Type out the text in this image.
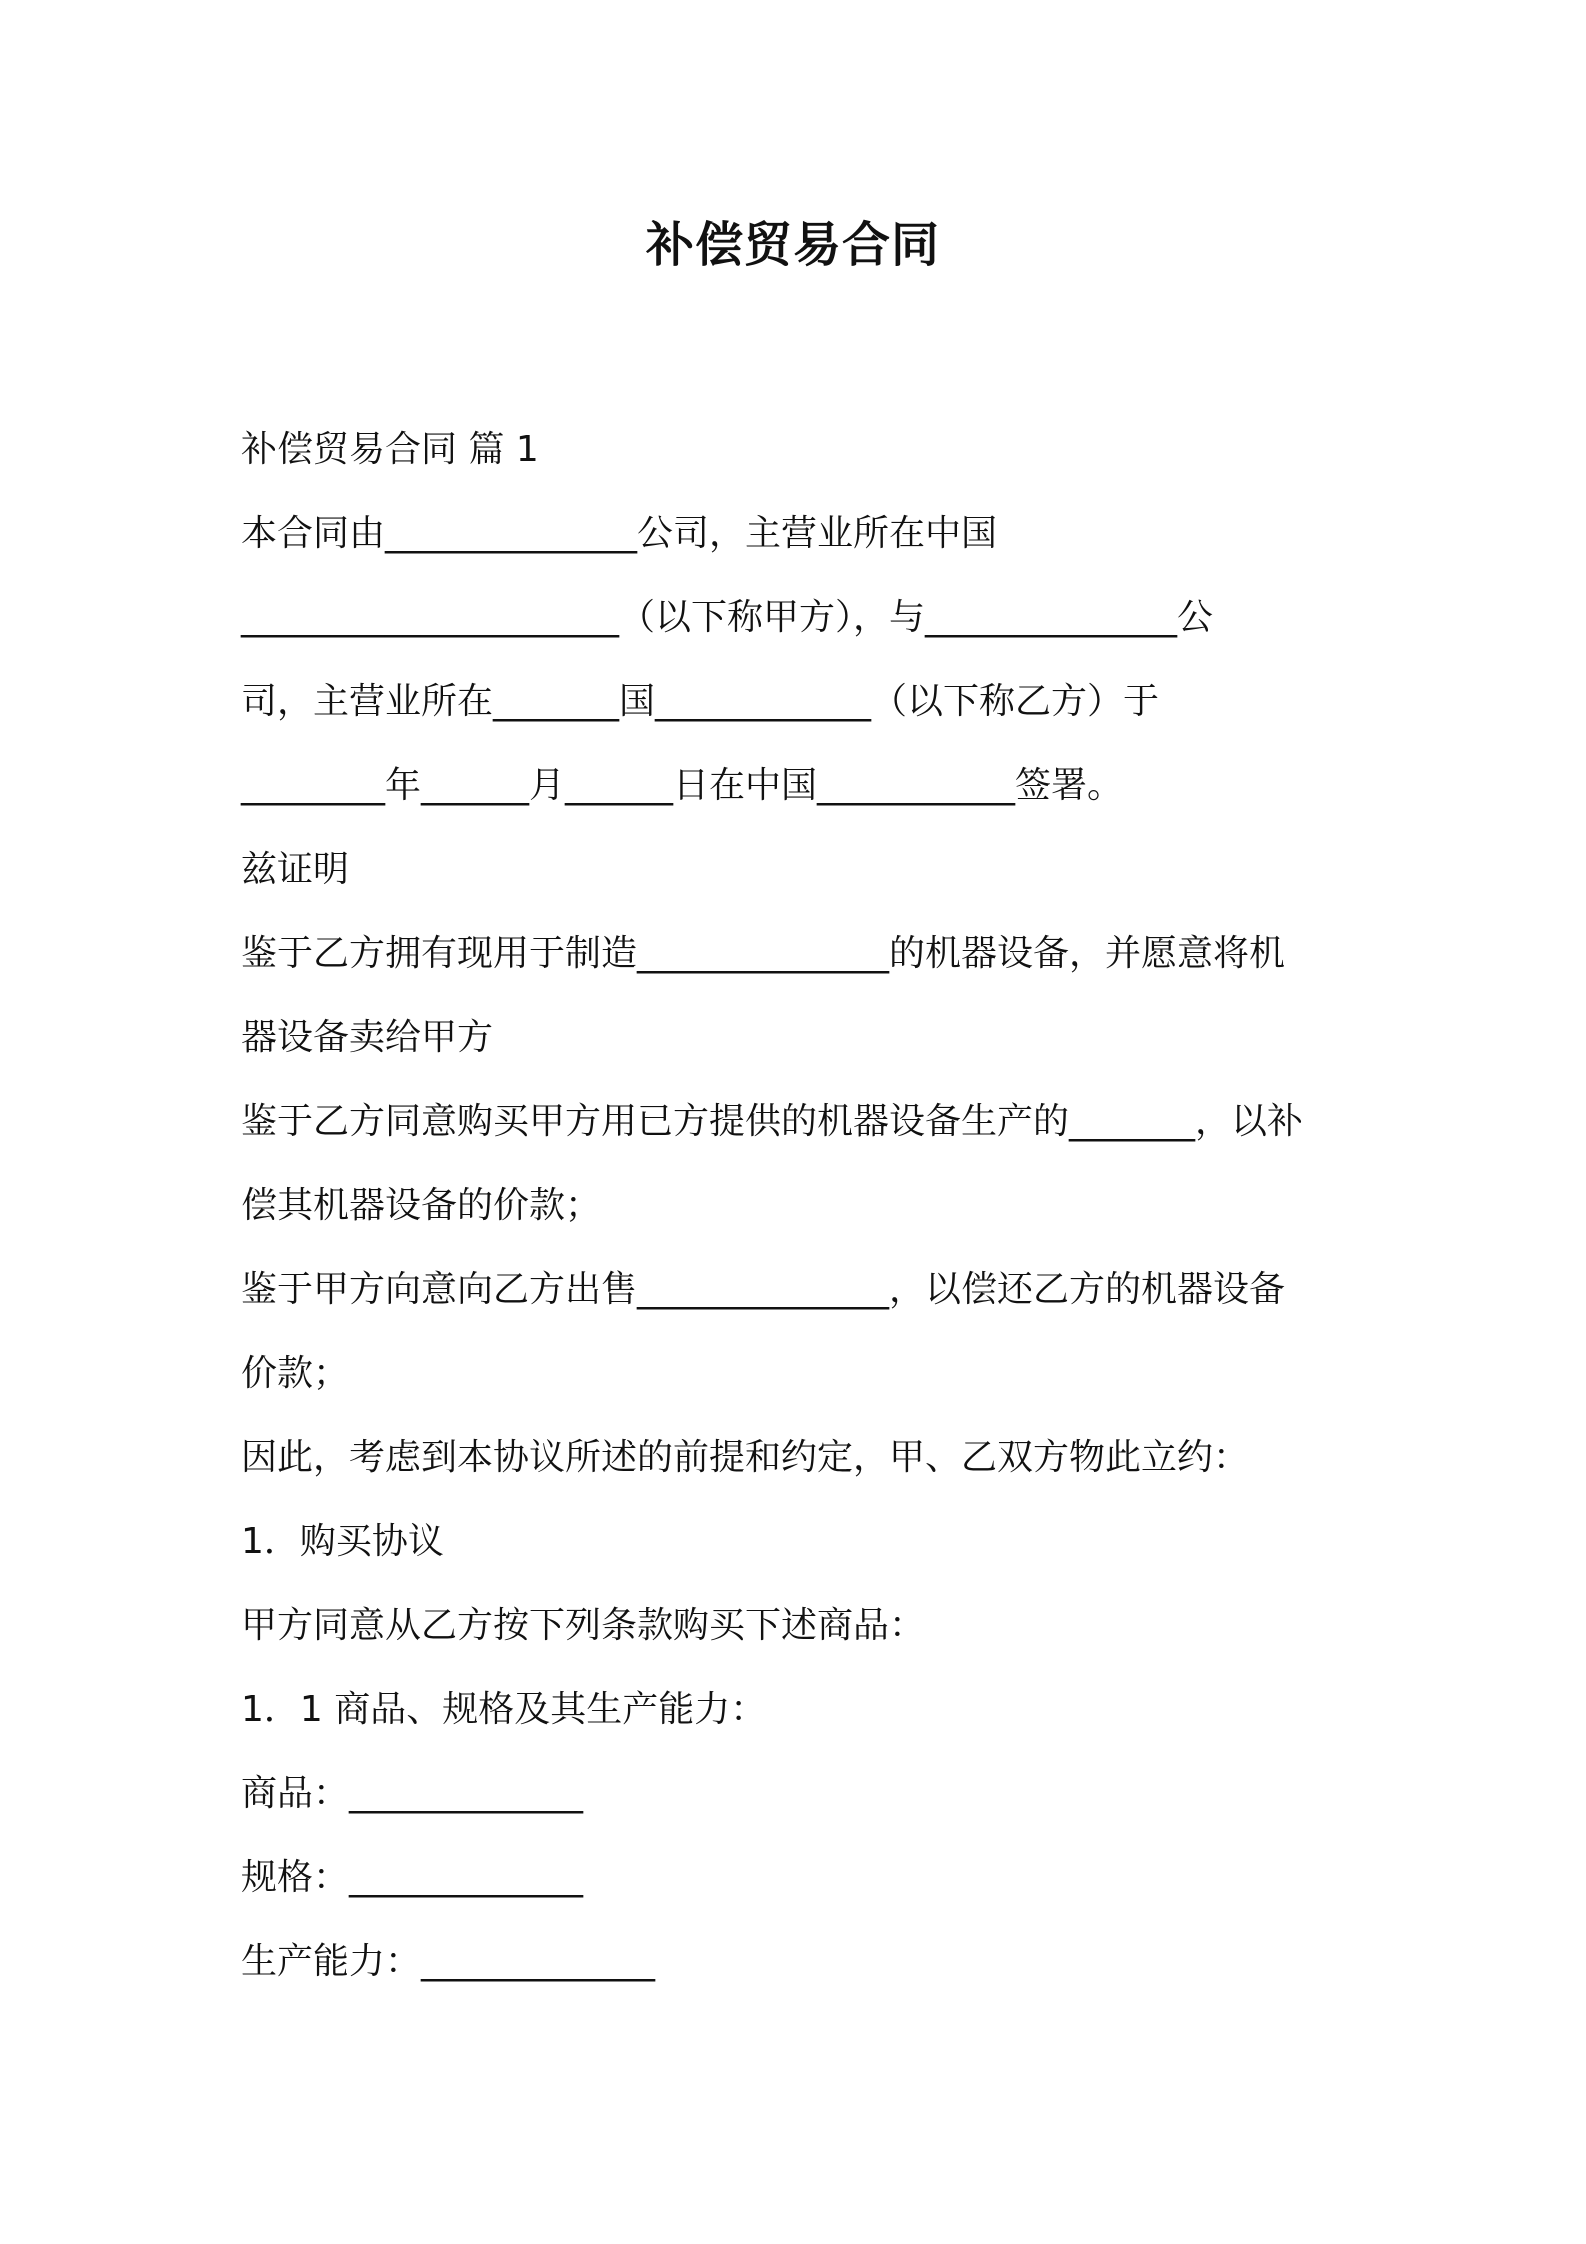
补偿贸易合同
补偿贸易合同 篇 1
本合同由______________公司，主营业所在中国
_____________________（以下称甲方），与______________公
司，主营业所在_______国____________（以下称乙方）于
________年______月______日在中国___________签署。
兹证明
鉴于乙方拥有现用于制造______________的机器设备，并愿意将机
器设备卖给甲方
鉴于乙方同意购买甲方用已方提供的机器设备生产的_______，以补
偿其机器设备的价款；
鉴于甲方向意向乙方出售______________，以偿还乙方的机器设备
价款；
因此，考虑到本协议所述的前提和约定，甲、乙双方物此立约：
1．购买协议
甲方同意从乙方按下列条款购买下述商品：
1．1 商品、规格及其生产能力：
商品：_____________
规格：_____________
生产能力：_____________
